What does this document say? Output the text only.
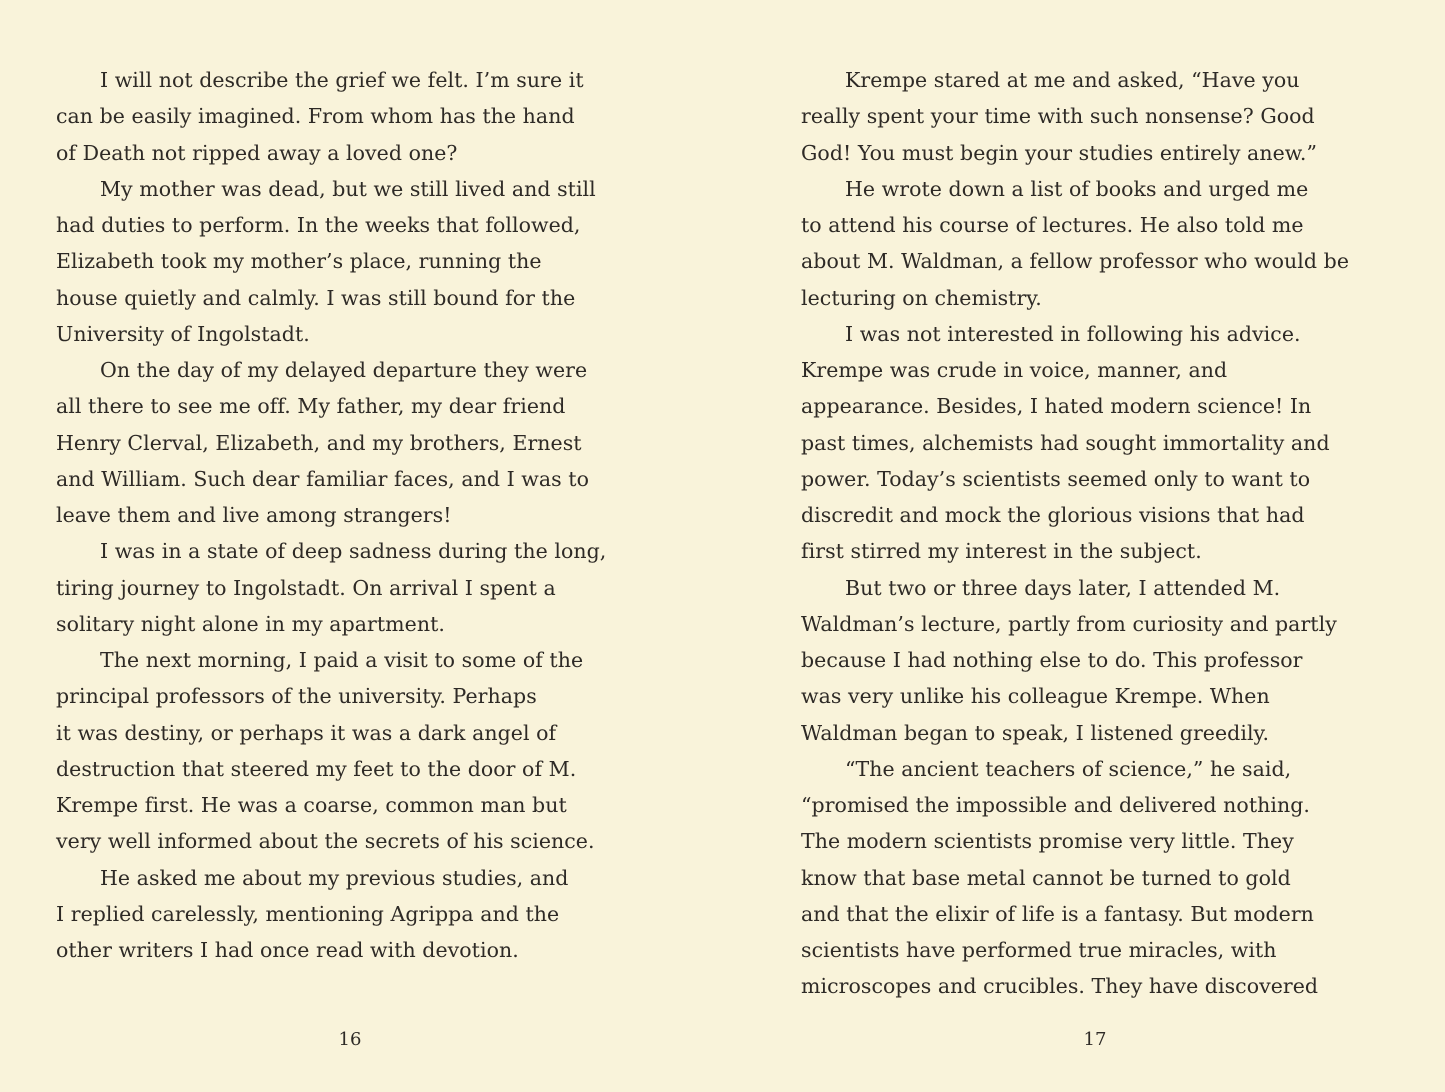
I will not describe the grief we felt. I’m sure it
can be easily imagined. From whom has the hand
of Death not ripped away a loved one?
My mother was dead, but we still lived and still
had duties to perform. In the weeks that followed,
Elizabeth took my mother’s place, running the
house quietly and calmly. I was still bound for the
University of Ingolstadt.
On the day of my delayed departure they were
all there to see me off. My father, my dear friend
Henry Clerval, Elizabeth, and my brothers, Ernest
and William. Such dear familiar faces, and I was to
leave them and live among strangers!
I was in a state of deep sadness during the long,
tiring journey to Ingolstadt. On arrival I spent a
solitary night alone in my apartment.
The next morning, I paid a visit to some of the
principal professors of the university. Perhaps
it was destiny, or perhaps it was a dark angel of
destruction that steered my feet to the door of M.
Krempe first. He was a coarse, common man but
very well informed about the secrets of his science.
He asked me about my previous studies, and
I replied carelessly, mentioning Agrippa and the
other writers I had once read with devotion.
16
Krempe stared at me and asked, “Have you
really spent your time with such nonsense? Good
God! You must begin your studies entirely anew.”
He wrote down a list of books and urged me
to attend his course of lectures. He also told me
about M. Waldman, a fellow professor who would be
lecturing on chemistry.
I was not interested in following his advice.
Krempe was crude in voice, manner, and
appearance. Besides, I hated modern science! In
past times, alchemists had sought immortality and
power. Today’s scientists seemed only to want to
discredit and mock the glorious visions that had
first stirred my interest in the subject.
But two or three days later, I attended M.
Waldman’s lecture, partly from curiosity and partly
because I had nothing else to do. This professor
was very unlike his colleague Krempe. When
Waldman began to speak, I listened greedily.
“The ancient teachers of science,” he said,
“promised the impossible and delivered nothing.
The modern scientists promise very little. They
know that base metal cannot be turned to gold
and that the elixir of life is a fantasy. But modern
scientists have performed true miracles, with
microscopes and crucibles. They have discovered
17
